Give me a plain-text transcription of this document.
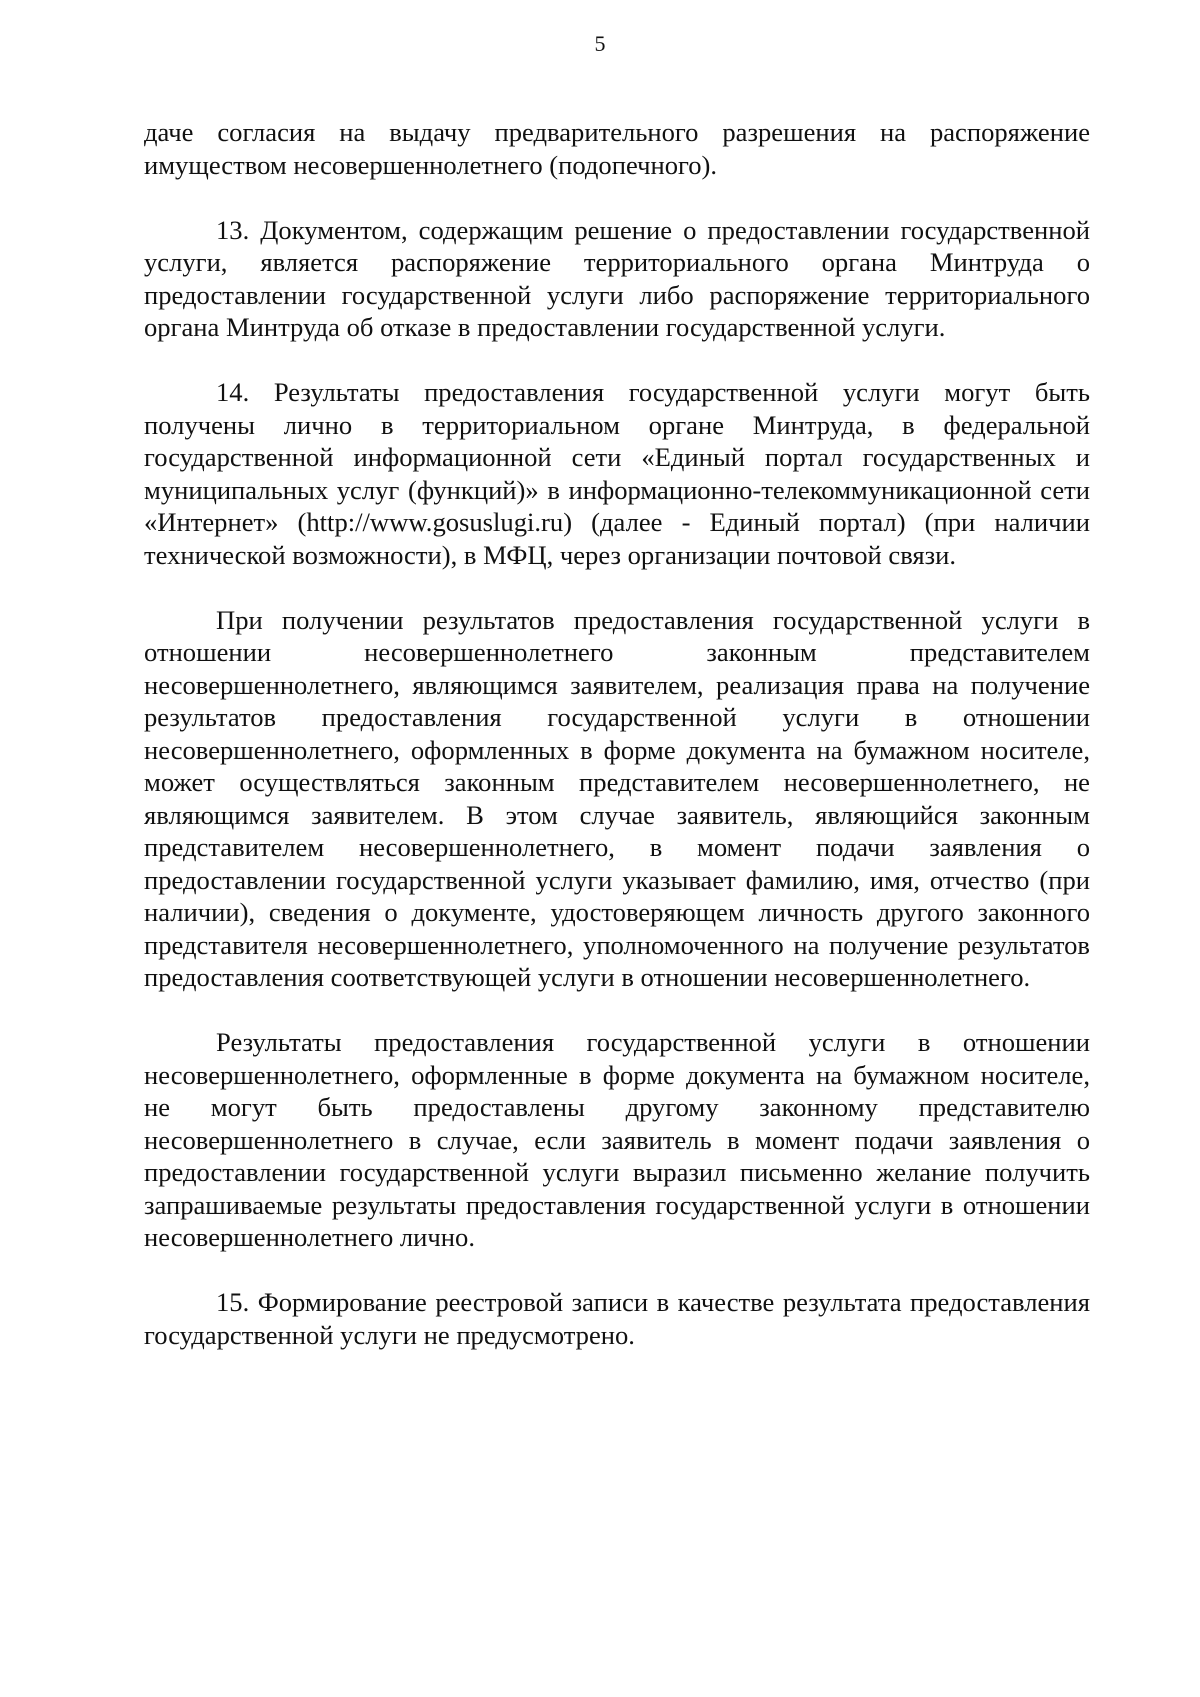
5

даче согласия на выдачу предварительного разрешения на распоряжение имуществом несовершеннолетнего (подопечного).

13. Документом, содержащим решение о предоставлении государственной услуги, является распоряжение территориального органа Минтруда о предоставлении государственной услуги либо распоряжение территориального органа Минтруда об отказе в предоставлении государственной услуги.

14. Результаты предоставления государственной услуги могут быть получены лично в территориальном органе Минтруда, в федеральной государственной информационной сети «Единый портал государственных и муниципальных услуг (функций)» в информационно-телекоммуникационной сети «Интернет» (http://www.gosuslugi.ru) (далее - Единый портал) (при наличии технической возможности), в МФЦ, через организации почтовой связи.

При получении результатов предоставления государственной услуги в отношении несовершеннолетнего законным представителем несовершеннолетнего, являющимся заявителем, реализация права на получение результатов предоставления государственной услуги в отношении несовершеннолетнего, оформленных в форме документа на бумажном носителе, может осуществляться законным представителем несовершеннолетнего, не являющимся заявителем. В этом случае заявитель, являющийся законным представителем несовершеннолетнего, в момент подачи заявления о предоставлении государственной услуги указывает фамилию, имя, отчество (при наличии), сведения о документе, удостоверяющем личность другого законного представителя несовершеннолетнего, уполномоченного на получение результатов предоставления соответствующей услуги в отношении несовершеннолетнего.

Результаты предоставления государственной услуги в отношении несовершеннолетнего, оформленные в форме документа на бумажном носителе, не могут быть предоставлены другому законному представителю несовершеннолетнего в случае, если заявитель в момент подачи заявления о предоставлении государственной услуги выразил письменно желание получить запрашиваемые результаты предоставления государственной услуги в отношении несовершеннолетнего лично.

15. Формирование реестровой записи в качестве результата предоставления государственной услуги не предусмотрено.
